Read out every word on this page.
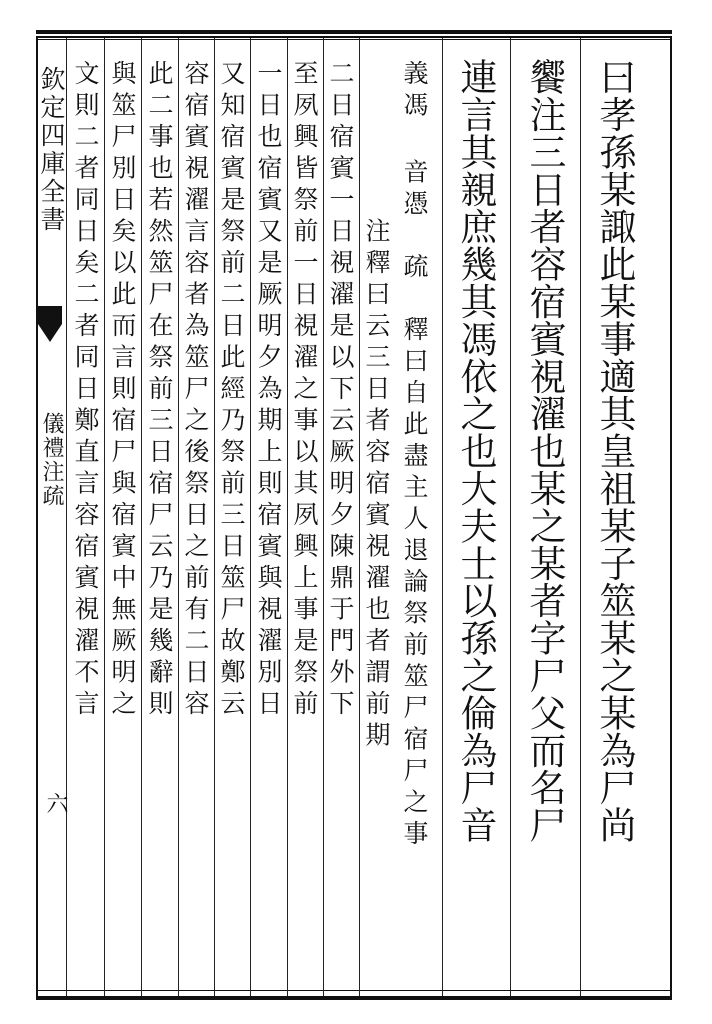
欽定四庫全書
儀禮注疏
六
文則二者同日矣二者同日鄭直言容宿賓視濯不言 與筮尸別日矣以此而言則宿尸與宿賓中無厥明之 此二事也若然筮尸在祭前三日宿尸云乃是幾辭則 容宿賓視濯言容者為筮尸之後祭日之前有二日容 又知宿賓是祭前二日此經乃祭前三日筮尸故鄭云 一日也宿賓又是厥明夕為期上則宿賓與視濯別日 至夙興皆祭前一日視濯之事以其夙興上事是祭前 二日宿賓一日視濯是以下云厥明夕陳鼎于門外下 　　　　　注釋曰云三日者容宿賓視濯也者謂前期 義馮 音憑　疏　釋曰自此盡主人退論祭前筮尸宿尸之事 連言其親庶幾其馮依之也大夫士以孫之倫為尸音 饗注三日者容宿賓視濯也某之某者字尸父而名尸 曰孝孫某諏此某事適其皇祖某子筮某之某為尸尚
